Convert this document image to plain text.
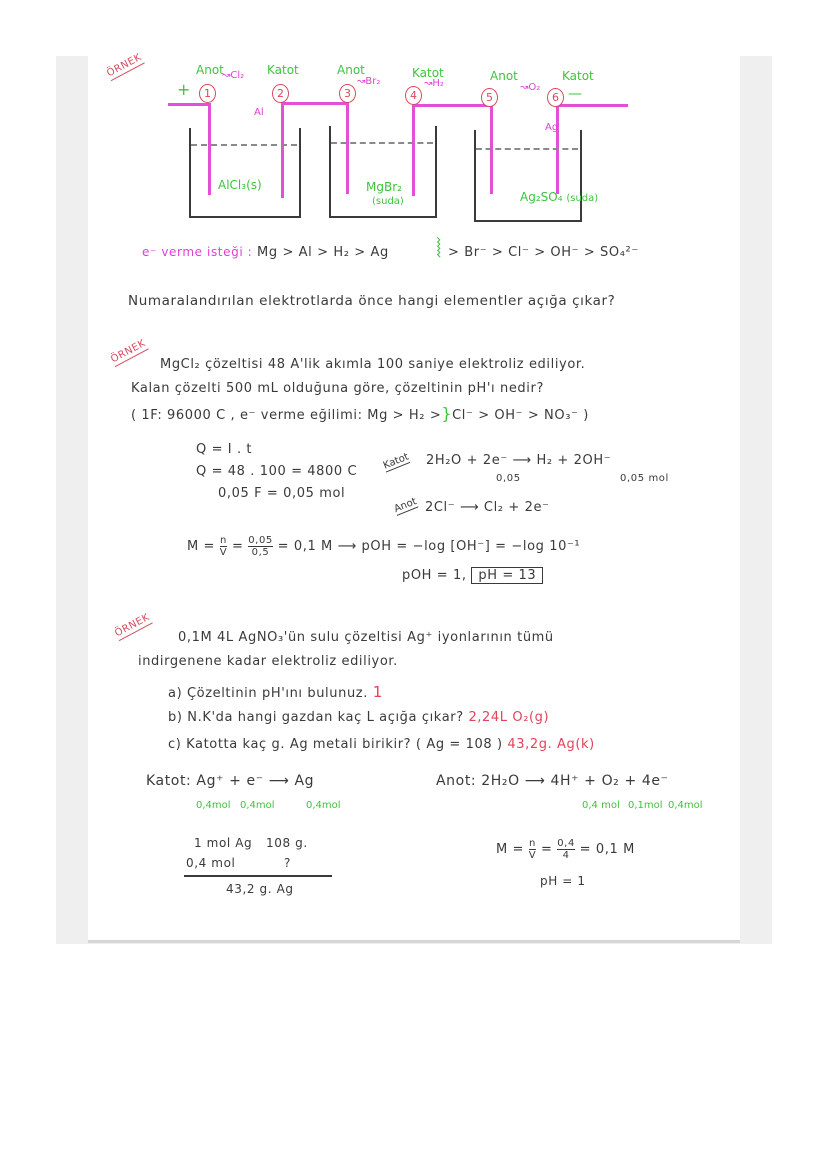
ÖRNEK	Anot
+	1
↝Cl₂ Katot
2
Al
Anot
3
↝Br₂
Katot
4
↝H₂
Anot
5
↝O₂
Katot
6 —
Ag
AlCl₃(s)	MgBr₂
(suda)	Ag₂SO₄ (suda)
e⁻ verme isteği : Mg > Al > H₂ > Ag ⦚ > Br⁻ > Cl⁻ > OH⁻ > SO₄²⁻
Numaralandırılan elektrotlarda önce hangi elementler açığa çıkar?
ÖRNEK MgCl₂ çözeltisi 48 A'lik akımla 100 saniye elektroliz ediliyor.
Kalan çözelti 500 mL olduğuna göre, çözeltinin pH'ı nedir?
( 1F: 96000 C , e⁻ verme eğilimi: Mg > H₂ >}Cl⁻ > OH⁻ > NO₃⁻ )
Q = I . t
Q = 48 . 100 = 4800 C
0,05 F = 0,05 mol
Katot 2H₂O + 2e⁻ ⟶ H₂ + 2OH⁻
0,05	0,05 mol
Anot 2Cl⁻ ⟶ Cl₂ + 2e⁻
$M = \frac{n}{V} = \frac{0,05}{0,5} = 0,1$ M ⟶ pOH = −log [OH⁻] = −log 10⁻¹
pOH = 1, pH = 13
ÖRNEK 0,1M 4L AgNO₃'ün sulu çözeltisi Ag⁺ iyonlarının tümü
indirgenene kadar elektroliz ediliyor.
a) Çözeltinin pH'ını bulunuz. 1
b) N.K'da hangi gazdan kaç L açığa çıkar? 2,24L O₂(g)
c) Katotta kaç g. Ag metali birikir? ( Ag = 108 ) 43,2g. Ag(k)
Katot: Ag⁺ + e⁻ ⟶ Ag
0,4mol 0,4mol	0,4mol
Anot: 2H₂O ⟶ 4H⁺ + O₂ + 4e⁻
0,4 mol 0,1mol 0,4mol
1 mol Ag 108 g.
0,4 mol	?
43,2 g. Ag
$M = \frac{n}{V} = \frac{0,4}{4} = 0,1$ M
pH = 1
